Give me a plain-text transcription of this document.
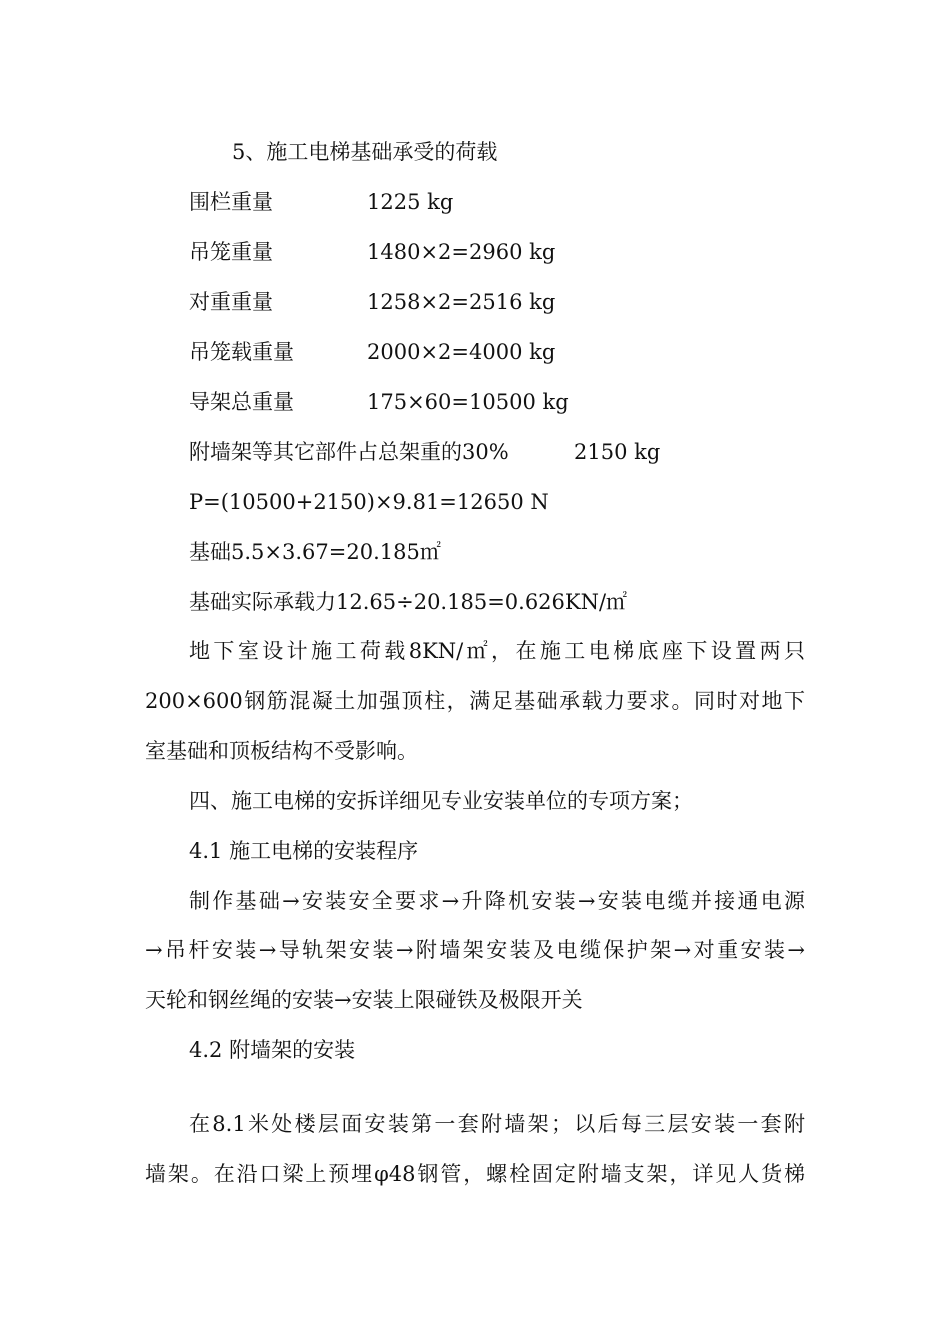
5、施工电梯基础承受的荷载
围栏重量	1225 kg
吊笼重量	1480×2=2960 kg
对重重量	1258×2=2516 kg
吊笼载重量	2000×2=4000 kg
导架总重量	175×60=10500 kg
附墙架等其它部件占总架重的30%	2150 kg
P=(10500+2150)×9.81=12650 N
基础5.5×3.67=20.185㎡
基础实际承载力12.65÷20.185=0.626KN/㎡
地下室设计施工荷载8KN/㎡，在施工电梯底座下设置两只
200×600钢筋混凝土加强顶柱，满足基础承载力要求。同时对地下
室基础和顶板结构不受影响。
四、施工电梯的安拆详细见专业安装单位的专项方案；
4.1 施工电梯的安装程序
制作基础→安装安全要求→升降机安装→安装电缆并接通电源
→吊杆安装→导轨架安装→附墙架安装及电缆保护架→对重安装→
天轮和钢丝绳的安装→安装上限碰铁及极限开关
4.2 附墙架的安装
在8.1米处楼层面安装第一套附墙架；以后每三层安装一套附
墙架。在沿口梁上预埋φ48钢管，螺栓固定附墙支架，详见人货梯
